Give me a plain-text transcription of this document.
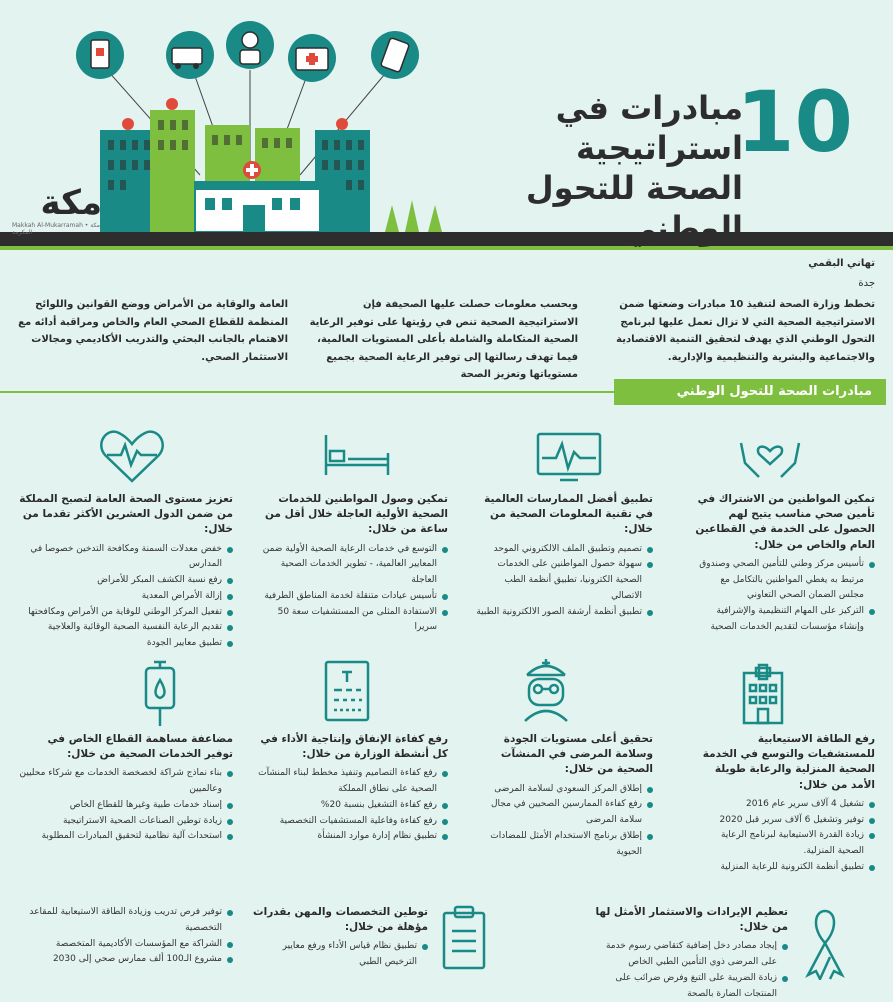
10
مبادرات في استراتيجية
الصحة للتحول الوطني
مكة
Makkah Al-Mukarramah • مكة المكرمة
تهاني البقمي
جدة
تخطط وزارة الصحة لتنفيذ 10 مبادرات وضعتها ضمن الاستراتيجية الصحية التي لا تزال تعمل عليها لبرنامج التحول الوطني الذي يهدف لتحقيق التنمية الاقتصادية والاجتماعية والبشرية والتنظيمية والإدارية.
وبحسب معلومات حصلت عليها الصحيفة فإن الاستراتيجية الصحية تنص في رؤيتها على توفير الرعاية الصحية المتكاملة والشاملة بأعلى المستويات العالمية، فيما تهدف رسالتها إلى توفير الرعاية الصحية بجميع مستوياتها وتعزيز الصحة
العامة والوقاية من الأمراض ووضع القوانين واللوائح المنظمة للقطاع الصحي العام والخاص ومراقبة أدائه مع الاهتمام بالجانب البحثي والتدريب الأكاديمي ومجالات الاستثمار الصحي.
مبادرات الصحة للتحول الوطني
تمكين المواطنين من الاشتراك في تأمين صحي مناسب يتيح لهم الحصول على الخدمة في القطاعين العام والخاص من خلال:
تأسيس مركز وطني للتأمين الصحي وصندوق مرتبط به يغطي المواطنين بالتكامل مع مجلس الضمان الصحي التعاوني
التركيز على المهام التنظيمية والإشرافية وإنشاء مؤسسات لتقديم الخدمات الصحية
تطبيق أفضل الممارسات العالمية في تقنية المعلومات الصحية من خلال:
تصميم وتطبيق الملف الالكتروني الموحد
سهولة حصول المواطنين على الخدمات الصحية الكترونيا، تطبيق أنظمة الطب الاتصالي
تطبيق أنظمة أرشفة الصور الالكترونية الطبية
تمكين وصول المواطنين للخدمات الصحية الأولية العاجلة خلال أقل من ساعة من خلال:
التوسع في خدمات الرعاية الصحية الأولية ضمن المعايير العالمية، - تطوير الخدمات الصحية العاجلة
تأسيس عيادات متنقلة لخدمة المناطق الطرفية
الاستفادة المثلى من المستشفيات سعة 50 سريرا
تعزيز مستوى الصحة العامة لتصبح المملكة من ضمن الدول العشرين الأكثر تقدما من خلال:
خفض معدلات السمنة ومكافحة التدخين خصوصا في المدارس
رفع نسبة الكشف المبكر للأمراض
إزالة الأمراض المعدية
تفعيل المركز الوطني للوقاية من الأمراض ومكافحتها
تقديم الرعاية النفسية الصحية الوقائية والعلاجية
تطبيق معايير الجودة
رفع الطاقة الاستيعابية للمستشفيات والتوسع في الخدمة الصحية المنزلية والرعاية طويلة الأمد من خلال:
تشغيل 4 آلاف سرير عام 2016
توفير وتشغيل 6 آلاف سرير قبل 2020
زيادة القدرة الاستيعابية لبرنامج الرعاية الصحية المنزلية.
تطبيق أنظمة الكترونية للرعاية المنزلية
تحقيق أعلى مستويات الجودة وسلامة المرضى في المنشآت الصحية من خلال:
إطلاق المركز السعودي لسلامة المرضى
رفع كفاءة الممارسين الصحيين في مجال سلامة المرضى
إطلاق برنامج الاستخدام الأمثل للمضادات الحيوية
رفع كفاءة الإنفاق وإنتاجية الأداء في كل أنشطة الوزارة من خلال:
رفع كفاءة التصاميم وتنفيذ مخطط لبناء المنشآت الصحية على نطاق المملكة
رفع كفاءة التشغيل بنسبة 20%
رفع كفاءة وفاعلية المستشفيات التخصصية
تطبيق نظام إدارة موارد المنشأة
مضاعفة مساهمة القطاع الخاص في توفير الخدمات الصحية من خلال:
بناء نماذج شراكة لخصخصة الخدمات مع شركاء محليين وعالميين
إسناد خدمات طبية وغيرها للقطاع الخاص
زيادة توطين الصناعات الصحية الاستراتيجية
استحداث آلية نظامية لتحقيق المبادرات المطلوبة
تعظيم الإيرادات والاستثمار الأمثل لها من خلال:
إيجاد مصادر دخل إضافية كتقاضي رسوم خدمة على المرضى ذوي التأمين الطبي الخاص
زيادة الضريبة على التبغ وفرض ضرائب على المنتجات الضارة بالصحة
توطين التخصصات والمهن بقدرات مؤهلة من خلال:
تطبيق نظام قياس الأداء ورفع معايير الترخيص الطبي
توفير فرص تدريب وزيادة الطاقة الاستيعابية للمقاعد التخصصية
الشراكة مع المؤسسات الأكاديمية المتخصصة
مشروع الـ100 ألف ممارس صحي إلى 2030
